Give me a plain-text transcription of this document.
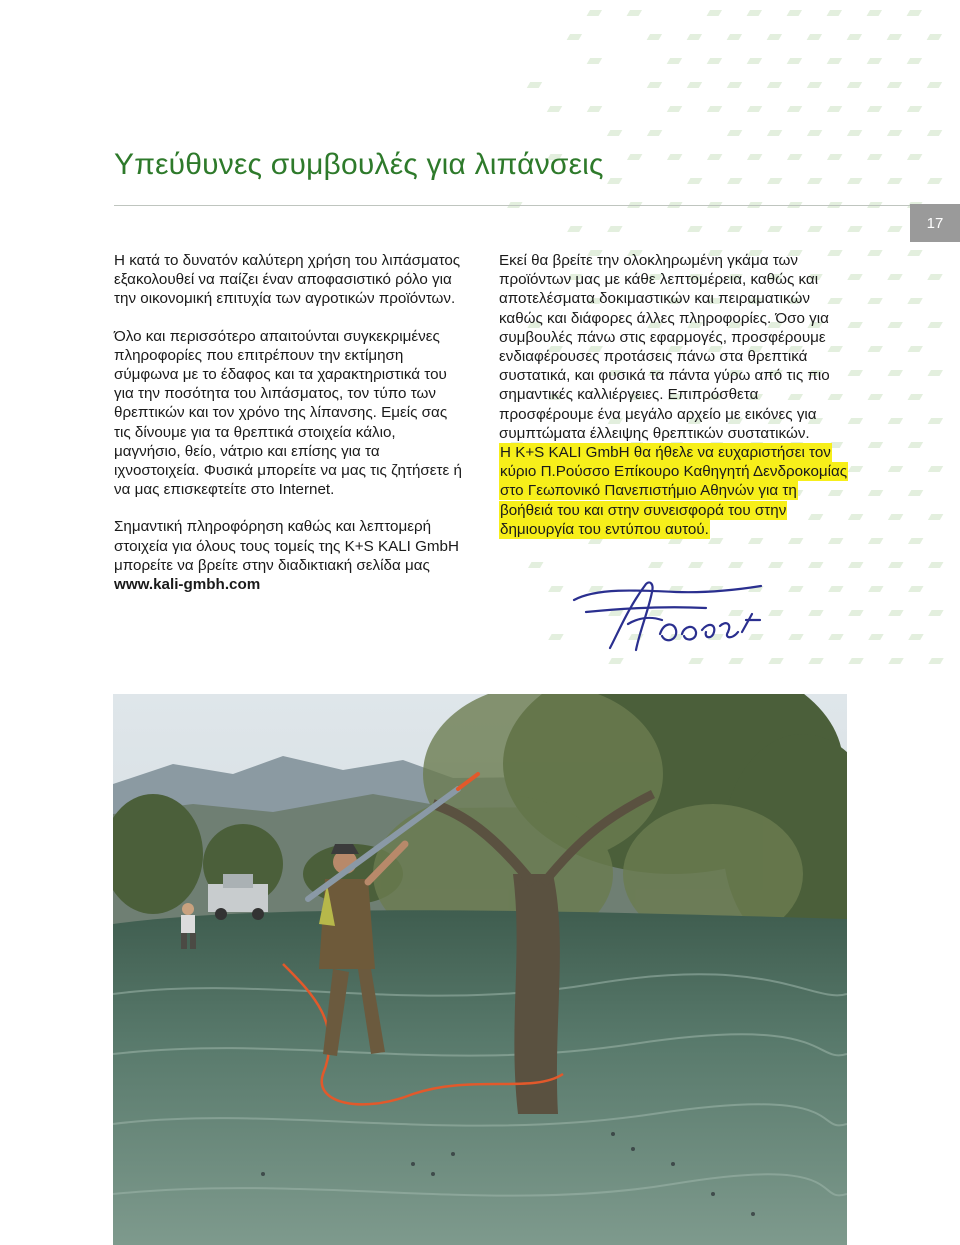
Υπεύθυνες συμβουλές για λιπάνσεις
17

Η κατά το δυνατόν καλύτερη χρήση του λιπάσματος εξακολουθεί να παίζει έναν αποφασιστικό ρόλο για την οικονομική επιτυχία των αγροτικών προϊόντων.

Όλο και περισσότερο απαιτούνται συγκεκριμένες πληροφορίες που επιτρέπουν την εκτίμηση σύμφωνα με το έδαφος και τα χαρακτηριστικά του για την ποσότητα του λιπάσματος, τον τύπο των θρεπτικών και τον χρόνο της λίπανσης. Εμείς σας τις δίνουμε για τα θρεπτικά στοιχεία κάλιο, μαγνήσιο, θείο, νάτριο και επίσης για τα ιχνοστοιχεία. Φυσικά μπορείτε να μας τις ζητήσετε ή να μας επισκεφτείτε στο Internet.

Σημαντική πληροφόρηση καθώς και λεπτομερή στοιχεία για όλους τους τομείς της K+S KALI GmbH μπορείτε να βρείτε στην διαδικτιακή σελίδα μας www.kali-gmbh.com

Εκεί θα βρείτε την ολοκληρωμένη γκάμα των προϊόντων μας με κάθε λεπτομέρεια, καθώς και αποτελέσματα δοκιμαστικών και πειραματικών καθώς και διάφορες άλλες πληροφορίες. Όσο για συμβουλές πάνω στις εφαρμογές, προσφέρουμε ενδιαφέρουσες προτάσεις πάνω στα θρεπτικά συστατικά, και φυσικά τα πάντα γύρω από τις πιο σημαντικές καλλιέργειες. Επιπρόσθετα προσφέρουμε ένα μεγάλο αρχείο με εικόνες για συμπτώματα έλλειψης θρεπτικών συστατικών.

Η K+S KALI GmbH θα ήθελε να ευχαριστήσει τον κύριο Π.Ρούσσο Επίκουρο Καθηγητή Δενδροκομίας στο Γεωπονικό Πανεπιστήμιο Αθηνών για τη βοήθειά του και στην συνεισφορά του στην δημιουργία του εντύπου αυτού.
